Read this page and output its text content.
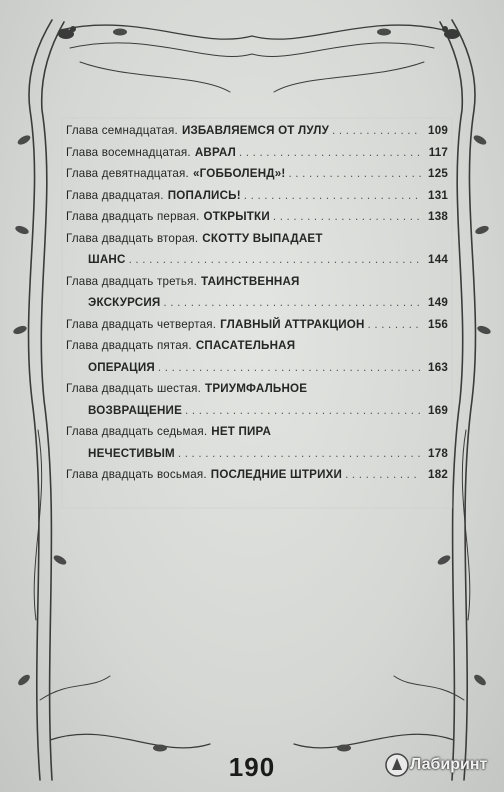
Глава семнадцатая. ИЗБАВЛЯЕМСЯ ОТ ЛУЛУ . . .	109
Глава восемнадцатая. АВРАЛ . . .	117
Глава девятнадцатая. «ГОББОЛЕНД»! . . .	125
Глава двадцатая. ПОПАЛИСЬ! . . .	131
Глава двадцать первая. ОТКРЫТКИ . . .	138
Глава двадцать вторая. СКОТТУ ВЫПАДАЕТ
ШАНС . . .	144
Глава двадцать третья. ТАИНСТВЕННАЯ
ЭКСКУРСИЯ . . .	149
Глава двадцать четвертая. ГЛАВНЫЙ АТТРАКЦИОН . . .	156
Глава двадцать пятая. СПАСАТЕЛЬНАЯ
ОПЕРАЦИЯ . . .	163
Глава двадцать шестая. ТРИУМФАЛЬНОЕ
ВОЗВРАЩЕНИЕ . . .	169
Глава двадцать седьмая. НЕТ ПИРА
НЕЧЕСТИВЫМ . . .	178
Глава двадцать восьмая. ПОСЛЕДНИЕ ШТРИХИ . . .	182
190	Лабиринт
